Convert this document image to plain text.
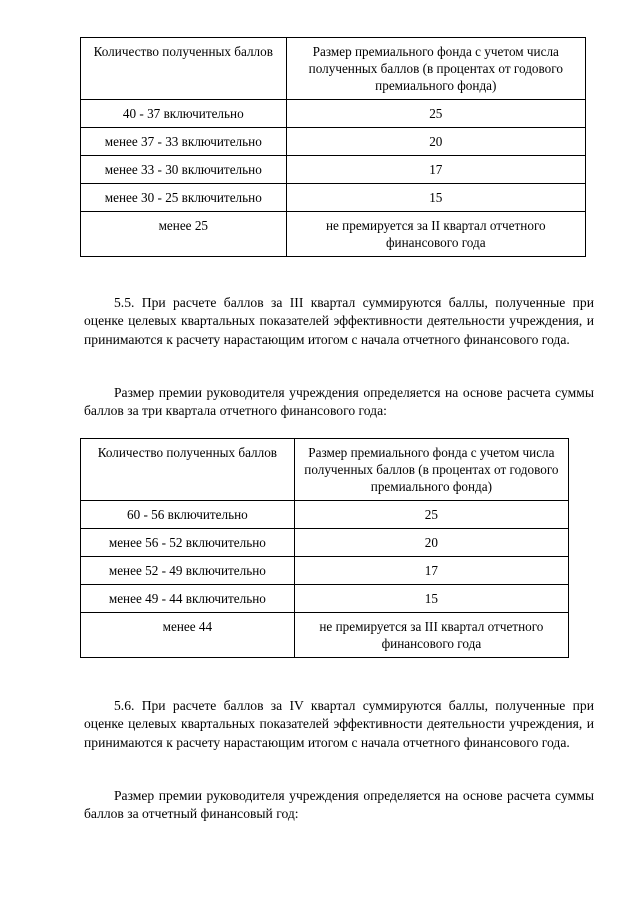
Количество полученных баллов	Размер премиального фонда с учетом числа полученных баллов (в процентах от годового премиального фонда)
40 - 37 включительно	25
менее 37 - 33 включительно	20
менее 33 - 30 включительно	17
менее 30 - 25 включительно	15
менее 25	не премируется за II квартал отчетного финансового года

5.5. При расчете баллов за III квартал суммируются баллы, полученные при оценке целевых квартальных показателей эффективности деятельности учреждения, и принимаются к расчету нарастающим итогом с начала отчетного финансового года.

Размер премии руководителя учреждения определяется на основе расчета суммы баллов за три квартала отчетного финансового года:

Количество полученных баллов	Размер премиального фонда с учетом числа полученных баллов (в процентах от годового премиального фонда)
60 - 56 включительно	25
менее 56 - 52 включительно	20
менее 52 - 49 включительно	17
менее 49 - 44 включительно	15
менее 44	не премируется за III квартал отчетного финансового года

5.6. При расчете баллов за IV квартал суммируются баллы, полученные при оценке целевых квартальных показателей эффективности деятельности учреждения, и принимаются к расчету нарастающим итогом с начала отчетного финансового года.

Размер премии руководителя учреждения определяется на основе расчета суммы баллов за отчетный финансовый год:
